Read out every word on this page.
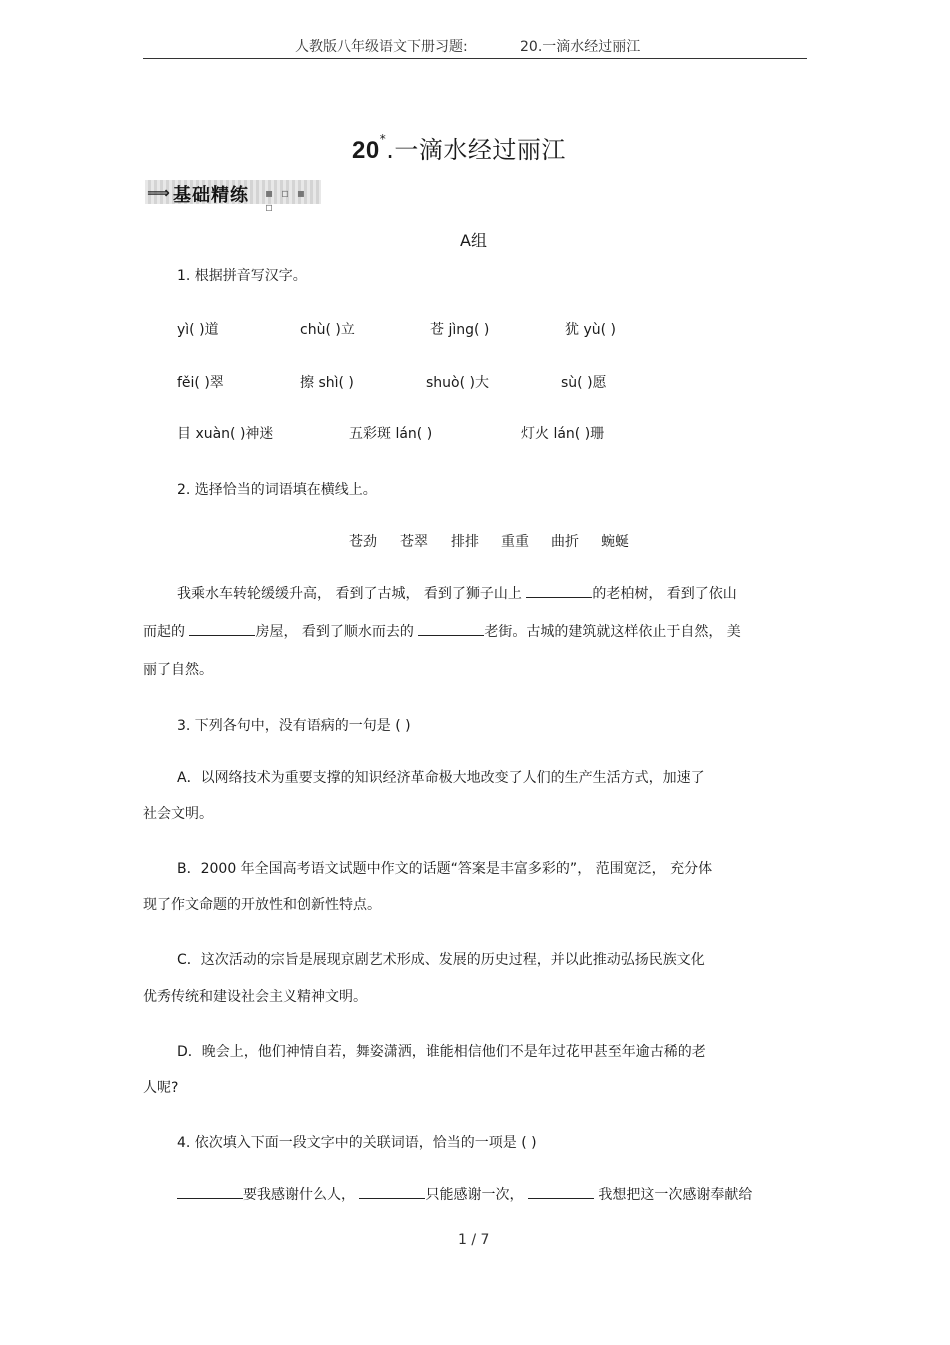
人教版八年级语文下册习题:	20.一滴水经过丽江
20*.一滴水经过丽江
⟹ 基础精练 ▪ ▫ ▪ ▫
A组
1. 根据拼音写汉字。
yì( )道	chù( )立	苍 jìng( )	犹 yù( )
fěi( )翠	擦 shì( )	shuò( )大	sù( )愿
目 xuàn( )神迷	五彩斑 lán( )	灯火 lán( )珊
2. 选择恰当的词语填在横线上。
苍劲 苍翠 排排 重重 曲折 蜿蜒
我乘水车转轮缓缓升高， 看到了古城， 看到了狮子山上	的老柏树， 看到了依山
而起的	房屋， 看到了顺水而去的	老街。古城的建筑就这样依止于自然， 美
丽了自然。
3. 下列各句中，没有语病的一句是 ( )
A．以网络技术为重要支撑的知识经济革命极大地改变了人们的生产生活方式，加速了
社会文明。
B．2000 年全国高考语文试题中作文的话题“答案是丰富多彩的”， 范围宽泛， 充分体
现了作文命题的开放性和创新性特点。
C．这次活动的宗旨是展现京剧艺术形成、发展的历史过程，并以此推动弘扬民族文化
优秀传统和建设社会主义精神文明。
D．晚会上，他们神情自若，舞姿潇洒，谁能相信他们不是年过花甲甚至年逾古稀的老
人呢?
4. 依次填入下面一段文字中的关联词语，恰当的一项是 ( )
要我感谢什么人，	只能感谢一次，	我想把这一次感谢奉献给
1 / 7
